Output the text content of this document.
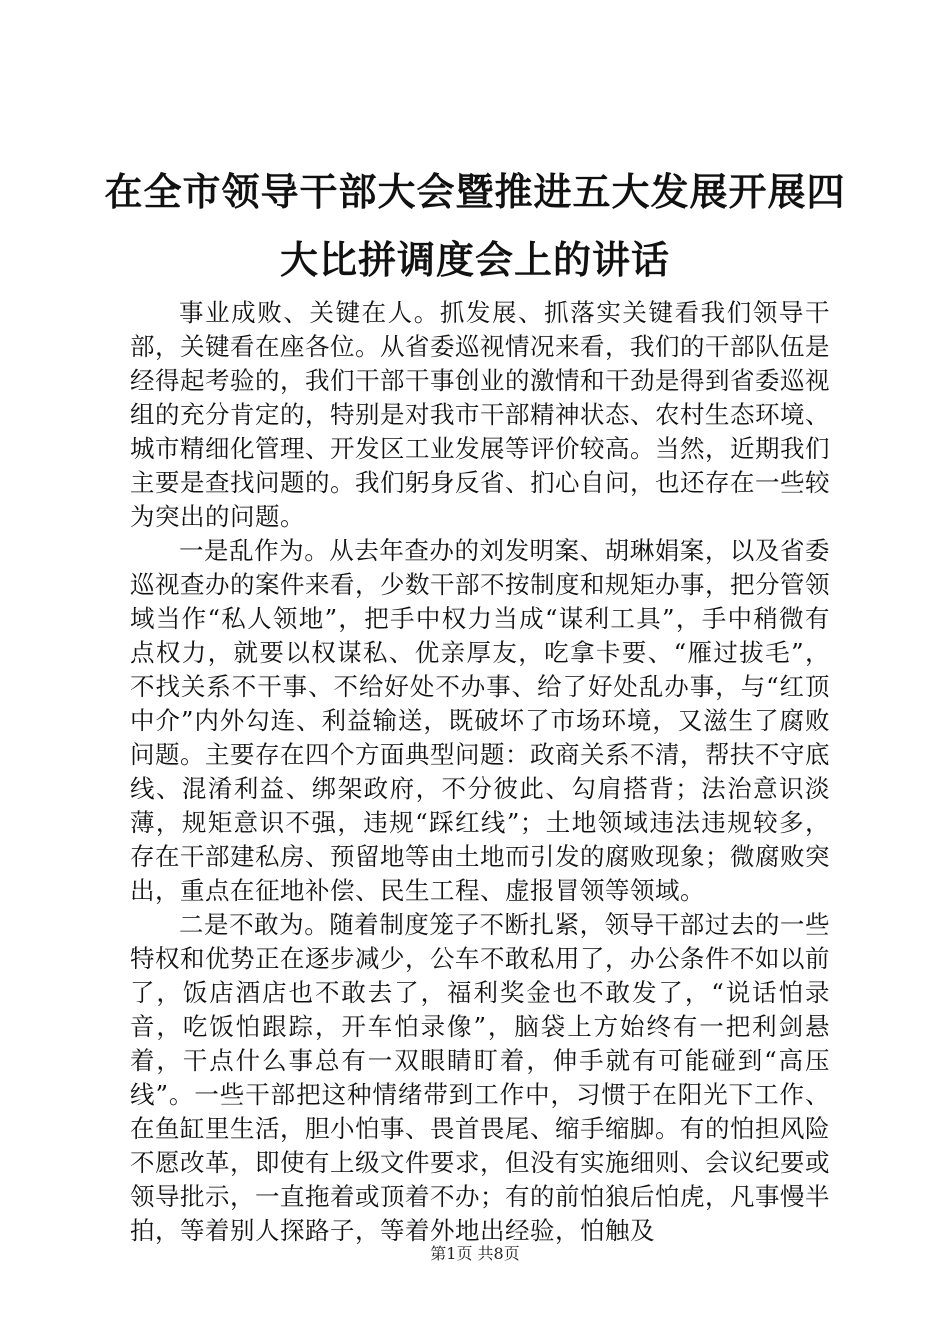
在全市领导干部大会暨推进五大发展开展四大比拼调度会上的讲话

事业成败、关键在人。抓发展、抓落实关键看我们领导干部，关键看在座各位。从省委巡视情况来看，我们的干部队伍是经得起考验的，我们干部干事创业的激情和干劲是得到省委巡视组的充分肯定的，特别是对我市干部精神状态、农村生态环境、城市精细化管理、开发区工业发展等评价较高。当然，近期我们主要是查找问题的。我们躬身反省、扪心自问，也还存在一些较为突出的问题。

一是乱作为。从去年查办的刘发明案、胡琳娟案，以及省委巡视查办的案件来看，少数干部不按制度和规矩办事，把分管领域当作“私人领地”，把手中权力当成“谋利工具”，手中稍微有点权力，就要以权谋私、优亲厚友，吃拿卡要、“雁过拔毛”，不找关系不干事、不给好处不办事、给了好处乱办事，与“红顶中介”内外勾连、利益输送，既破坏了市场环境，又滋生了腐败问题。主要存在四个方面典型问题：政商关系不清，帮扶不守底线、混淆利益、绑架政府，不分彼此、勾肩搭背；法治意识淡薄，规矩意识不强，违规“踩红线”；土地领域违法违规较多，存在干部建私房、预留地等由土地而引发的腐败现象；微腐败突出，重点在征地补偿、民生工程、虚报冒领等领域。

二是不敢为。随着制度笼子不断扎紧，领导干部过去的一些特权和优势正在逐步减少，公车不敢私用了，办公条件不如以前了，饭店酒店也不敢去了，福利奖金也不敢发了，“说话怕录音，吃饭怕跟踪，开车怕录像”，脑袋上方始终有一把利剑悬着，干点什么事总有一双眼睛盯着，伸手就有可能碰到“高压线”。一些干部把这种情绪带到工作中，习惯于在阳光下工作、在鱼缸里生活，胆小怕事、畏首畏尾、缩手缩脚。有的怕担风险不愿改革，即使有上级文件要求，但没有实施细则、会议纪要或领导批示，一直拖着或顶着不办；有的前怕狼后怕虎，凡事慢半拍，等着别人探路子，等着外地出经验，怕触及

第1页 共8页
